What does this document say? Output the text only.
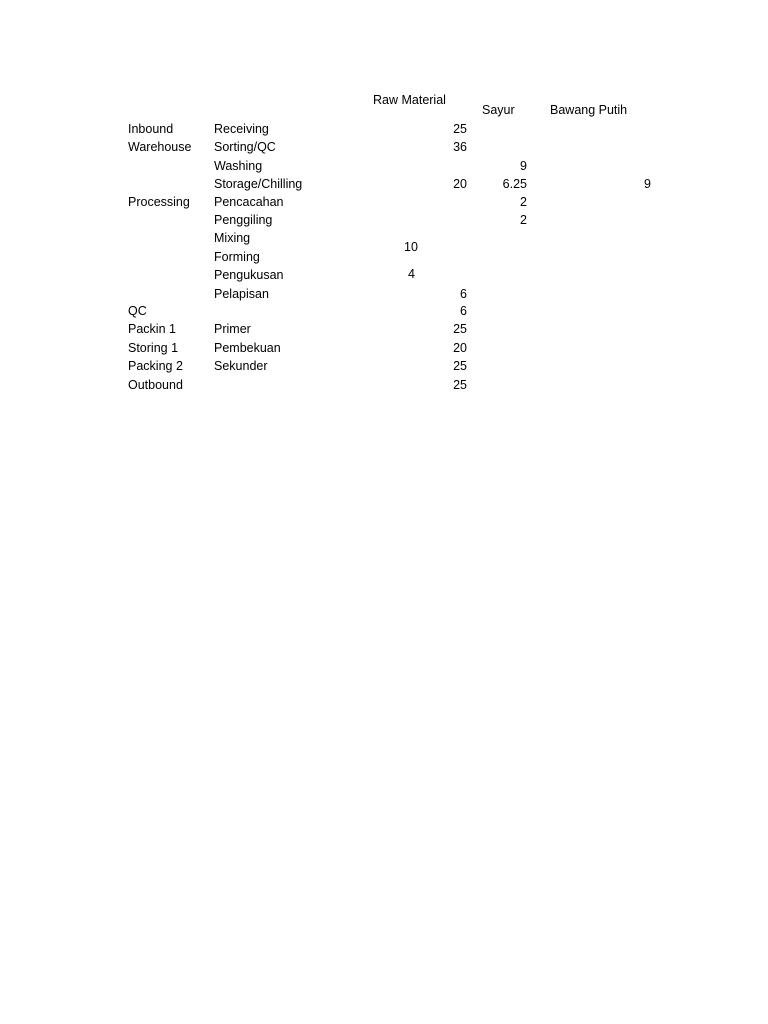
Raw Material
Sayur	Bawang Putih
Inbound
Warehouse
Processing
QC
Packin 1
Storing 1
Packing 2
Outbound
Receiving
Sorting/QC
Washing
Storage/Chilling
Pencacahan
Penggiling
Mixing
Forming
Pengukusan
Pelapisan
Primer
Pembekuan
Sekunder
25
36
20
6
6
25
20
25
25
10
4
9
6.25
2
2
9
